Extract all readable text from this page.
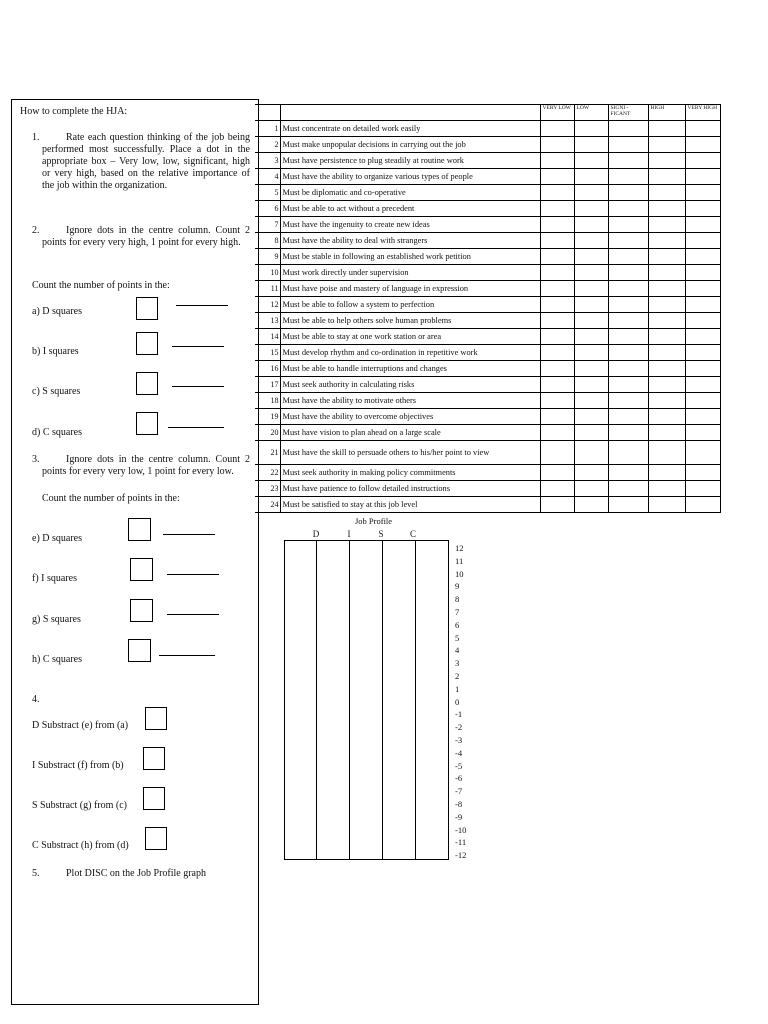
How to complete the HJA:
1.	Rate each question thinking of the job being performed most successfully. Place a dot in the appropriate box – Very low, low, significant, high or very high, based on the relative importance of the job within the organization.
2.	Ignore dots in the centre column. Count 2 points for every very high, 1 point for every high.
Count the number of points in the:
a) D squares
b) I squares
c) S squares
d) C squares
3.	Ignore dots in the centre column. Count 2 points for every very low, 1 point for every low.
Count the number of points in the:
e) D squares
f) I squares
g) S squares
h) C squares
4.
D Substract (e) from (a)
I Substract (f) from (b)
S Substract (g) from (c)
C Substract (h) from (d)
5.	Plot DISC on the Job Profile graph
		VERY LOW	LOW	SIGNI - FICANT	HIGH	VERY HIGH
1	Must concentrate on detailed work easily					
2	Must make unpopular decisions in carrying out the job					
3	Must have persistence to plug steadily at routine work					
4	Must have the ability to organize various types of people					
5	Must be diplomatic and co-operative					
6	Must be able to act without a precedent					
7	Must have the ingenuity to create new ideas					
8	Must have the ability to deal with strangers					
9	Must be stable in following an established work petition					
10	Must work directly under supervision					
11	Must have poise and mastery of language in expression					
12	Must be able to follow a system to perfection					
13	Must be able to help others solve human problems					
14	Must be able to stay at one work station or area					
15	Must develop rhythm and co-ordination in repetitive work					
16	Must be able to handle interruptions and changes					
17	Must seek authority in calculating risks					
18	Must have the ability to motivate others					
19	Must have the ability to overcome objectives					
20	Must have vision to plan ahead on a large scale					
21	Must have the skill to persuade others to his/her point to view					
22	Must seek authority in making policy commitments					
23	Must have patience to follow detailed instructions					
24	Must be satisfied to stay at this job level					
Job Profile
D	I	S	C
12
11
10
9
8
7
6
5
4
3
2
1
0
-1
-2
-3
-4
-5
-6
-7
-8
-9
-10
-11
-12
